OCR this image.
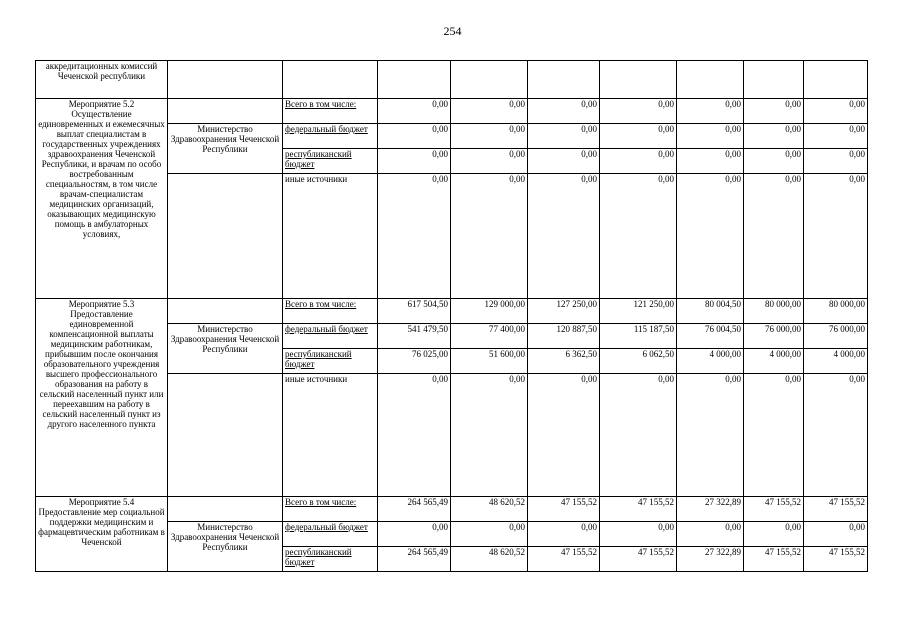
254
аккредитационных комиссий Чеченской республики									
Мероприятие 5.2 Осуществление единовременных и ежемесячных выплат специалистам в государственных учреждениях здравоохранения Чеченской Республики, и врачам по особо востребованным специальностям, в том числе врачам-специалистам медицинских организаций, оказывающих медицинскую помощь в амбулаторных условиях,		Всего в том числе:	0,00	0,00	0,00	0,00	0,00	0,00	0,00
	Министерство Здравоохранения Чеченской Республики	федеральный бюджет	0,00	0,00	0,00	0,00	0,00	0,00	0,00
		республиканский бюджет	0,00	0,00	0,00	0,00	0,00	0,00	0,00
		иные источники	0,00	0,00	0,00	0,00	0,00	0,00	0,00
Мероприятие 5.3 Предоставление единовременной компенсационной выплаты медицинским работникам, прибывшим после окончания образовательного учреждения высшего профессионального образования на работу в сельский населенный пункт или переехавшим на работу в сельский населенный пункт из другого населенного пункта		Всего в том числе:	617 504,50	129 000,00	127 250,00	121 250,00	80 004,50	80 000,00	80 000,00
	Министерство Здравоохранения Чеченской Республики	федеральный бюджет	541 479,50	77 400,00	120 887,50	115 187,50	76 004,50	76 000,00	76 000,00
		республиканский бюджет	76 025,00	51 600,00	6 362,50	6 062,50	4 000,00	4 000,00	4 000,00
		иные источники	0,00	0,00	0,00	0,00	0,00	0,00	0,00
Мероприятие 5.4 Предоставление мер социальной поддержки медицинским и фармацевтическим работникам в Чеченской		Всего в том числе:	264 565,49	48 620,52	47 155,52	47 155,52	27 322,89	47 155,52	47 155,52
	Министерство Здравоохранения Чеченской Республики	федеральный бюджет	0,00	0,00	0,00	0,00	0,00	0,00	0,00
		республиканский бюджет	264 565,49	48 620,52	47 155,52	47 155,52	27 322,89	47 155,52	47 155,52
